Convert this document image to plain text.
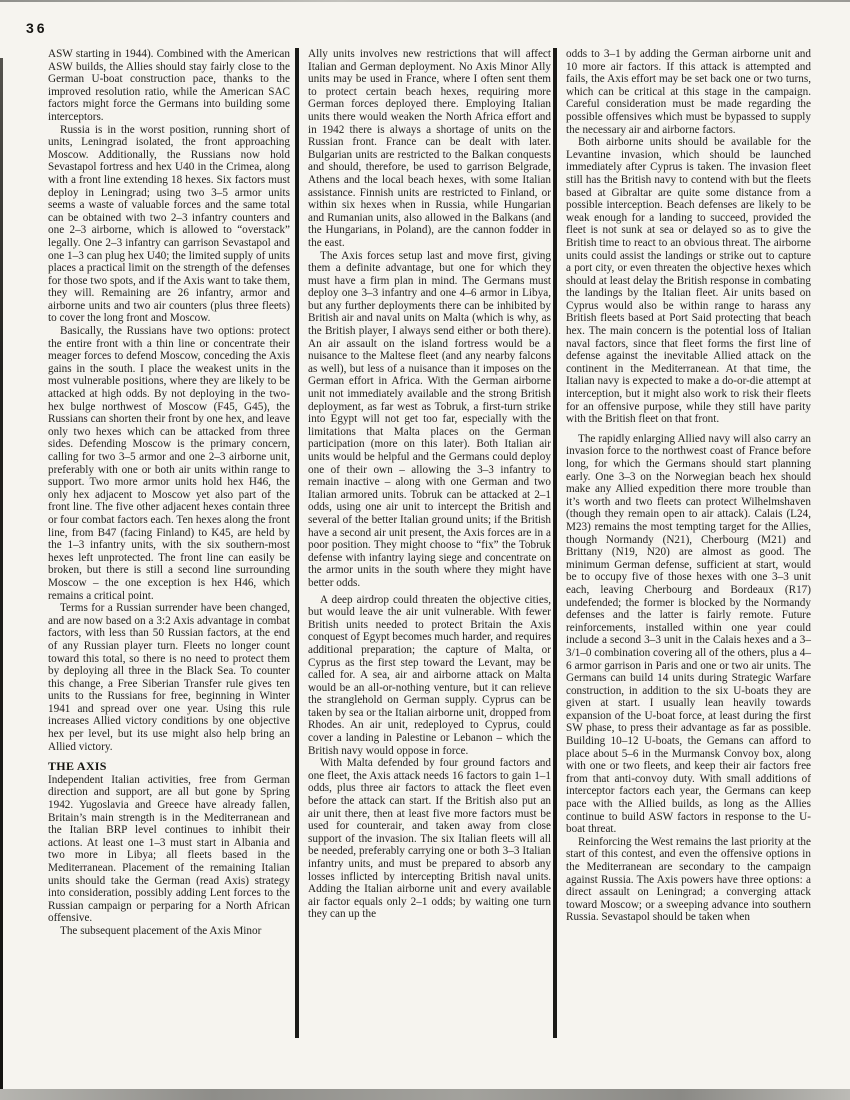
36

ASW starting in 1944). Combined with the American ASW builds, the Allies should stay fairly close to the German U-boat construction pace, thanks to the improved resolution ratio, while the American SAC factors might force the Germans into building some interceptors.

Russia is in the worst position, running short of units, Leningrad isolated, the front approaching Moscow. Additionally, the Russians now hold Sevastapol fortress and hex U40 in the Crimea, along with a front line extending 18 hexes. Six factors must deploy in Leningrad; using two 3–5 armor units seems a waste of valuable forces and the same total can be obtained with two 2–3 infantry counters and one 2–3 airborne, which is allowed to “overstack” legally. One 2–3 infantry can garrison Sevastapol and one 1–3 can plug hex U40; the limited supply of units places a practical limit on the strength of the defenses for those two spots, and if the Axis want to take them, they will. Remaining are 26 infantry, armor and airborne units and two air counters (plus three fleets) to cover the long front and Moscow.

Basically, the Russians have two options: protect the entire front with a thin line or concentrate their meager forces to defend Moscow, conceding the Axis gains in the south. I place the weakest units in the most vulnerable positions, where they are likely to be attacked at high odds. By not deploying in the two-hex bulge northwest of Moscow (F45, G45), the Russians can shorten their front by one hex, and leave only two hexes which can be attacked from three sides. Defending Moscow is the primary concern, calling for two 3–5 armor and one 2–3 airborne unit, preferably with one or both air units within range to support. Two more armor units hold hex H46, the only hex adjacent to Moscow yet also part of the front line. The five other adjacent hexes contain three or four combat factors each. Ten hexes along the front line, from B47 (facing Finland) to K45, are held by the 1–3 infantry units, with the six southern-most hexes left unprotected. The front line can easily be broken, but there is still a second line surrounding Moscow – the one exception is hex H46, which remains a critical point.

Terms for a Russian surrender have been changed, and are now based on a 3:2 Axis advantage in combat factors, with less than 50 Russian factors, at the end of any Russian player turn. Fleets no longer count toward this total, so there is no need to protect them by deploying all three in the Black Sea. To counter this change, a Free Siberian Transfer rule gives ten units to the Russians for free, beginning in Winter 1941 and spread over one year. Using this rule increases Allied victory conditions by one objective hex per level, but its use might also help bring an Allied victory.

THE AXIS

Independent Italian activities, free from German direction and support, are all but gone by Spring 1942. Yugoslavia and Greece have already fallen, Britain’s main strength is in the Mediterranean and the Italian BRP level continues to inhibit their actions. At least one 1–3 must start in Albania and two more in Libya; all fleets based in the Mediterranean. Placement of the remaining Italian units should take the German (read Axis) strategy into consideration, possibly adding Lent forces to the Russian campaign or perparing for a North African offensive.

The subsequent placement of the Axis Minor

Ally units involves new restrictions that will affect Italian and German deployment. No Axis Minor Ally units may be used in France, where I often sent them to protect certain beach hexes, requiring more German forces deployed there. Employing Italian units there would weaken the North Africa effort and in 1942 there is always a shortage of units on the Russian front. France can be dealt with later. Bulgarian units are restricted to the Balkan conquests and should, therefore, be used to garrison Belgrade, Athens and the local beach hexes, with some Italian assistance. Finnish units are restricted to Finland, or within six hexes when in Russia, while Hungarian and Rumanian units, also allowed in the Balkans (and the Hungarians, in Poland), are the cannon fodder in the east.

The Axis forces setup last and move first, giving them a definite advantage, but one for which they must have a firm plan in mind. The Germans must deploy one 3–3 infantry and one 4–6 armor in Libya, but any further deployments there can be inhibited by British air and naval units on Malta (which is why, as the British player, I always send either or both there). An air assault on the island fortress would be a nuisance to the Maltese fleet (and any nearby falcons as well), but less of a nuisance than it imposes on the German effort in Africa. With the German airborne unit not immediately available and the strong British deployment, as far west as Tobruk, a first-turn strike into Egypt will not get too far, especially with the limitations that Malta places on the German participation (more on this later). Both Italian air units would be helpful and the Germans could deploy one of their own – allowing the 3–3 infantry to remain inactive – along with one German and two Italian armored units. Tobruk can be attacked at 2–1 odds, using one air unit to intercept the British and several of the better Italian ground units; if the British have a second air unit present, the Axis forces are in a poor position. They might choose to “fix” the Tobruk defense with infantry laying siege and concentrate on the armor units in the south where they might have better odds.

A deep airdrop could threaten the objective cities, but would leave the air unit vulnerable. With fewer British units needed to protect Britain the Axis conquest of Egypt becomes much harder, and requires additional preparation; the capture of Malta, or Cyprus as the first step toward the Levant, may be called for. A sea, air and airborne attack on Malta would be an all-or-nothing venture, but it can relieve the stranglehold on German supply. Cyprus can be taken by sea or the Italian airborne unit, dropped from Rhodes. An air unit, redeployed to Cyprus, could cover a landing in Palestine or Lebanon – which the British navy would oppose in force.

With Malta defended by four ground factors and one fleet, the Axis attack needs 16 factors to gain 1–1 odds, plus three air factors to attack the fleet even before the attack can start. If the British also put an air unit there, then at least five more factors must be used for counterair, and taken away from close support of the invasion. The six Italian fleets will all be needed, preferably carrying one or both 3–3 Italian infantry units, and must be prepared to absorb any losses inflicted by intercepting British naval units. Adding the Italian airborne unit and every available air factor equals only 2–1 odds; by waiting one turn they can up the

odds to 3–1 by adding the German airborne unit and 10 more air factors. If this attack is attempted and fails, the Axis effort may be set back one or two turns, which can be critical at this stage in the campaign. Careful consideration must be made regarding the possible offensives which must be bypassed to supply the necessary air and airborne factors.

Both airborne units should be available for the Levantine invasion, which should be launched immediately after Cyprus is taken. The invasion fleet still has the British navy to contend with but the fleets based at Gibraltar are quite some distance from a possible interception. Beach defenses are likely to be weak enough for a landing to succeed, provided the fleet is not sunk at sea or delayed so as to give the British time to react to an obvious threat. The airborne units could assist the landings or strike out to capture a port city, or even threaten the objective hexes which should at least delay the British response in combating the landings by the Italian fleet. Air units based on Cyprus would also be within range to harass any British fleets based at Port Said protecting that beach hex. The main concern is the potential loss of Italian naval factors, since that fleet forms the first line of defense against the inevitable Allied attack on the continent in the Mediterranean. At that time, the Italian navy is expected to make a do-or-die attempt at interception, but it might also work to risk their fleets for an offensive purpose, while they still have parity with the British fleet on that front.

The rapidly enlarging Allied navy will also carry an invasion force to the northwest coast of France before long, for which the Germans should start planning early. One 3–3 on the Norwegian beach hex should make any Allied expedition there more trouble than it’s worth and two fleets can protect Wilhelmshaven (though they remain open to air attack). Calais (L24, M23) remains the most tempting target for the Allies, though Normandy (N21), Cherbourg (M21) and Brittany (N19, N20) are almost as good. The minimum German defense, sufficient at start, would be to occupy five of those hexes with one 3–3 unit each, leaving Cherbourg and Bordeaux (R17) undefended; the former is blocked by the Normandy defenses and the latter is fairly remote. Future reinforcements, installed within one year could include a second 3–3 unit in the Calais hexes and a 3–3/1–0 combination covering all of the others, plus a 4–6 armor garrison in Paris and one or two air units. The Germans can build 14 units during Strategic Warfare construction, in addition to the six U-boats they are given at start. I usually lean heavily towards expansion of the U-boat force, at least during the first SW phase, to press their advantage as far as possible. Building 10–12 U-boats, the Gemans can afford to place about 5–6 in the Murmansk Convoy box, along with one or two fleets, and keep their air factors free from that anti-convoy duty. With small additions of interceptor factors each year, the Germans can keep pace with the Allied builds, as long as the Allies continue to build ASW factors in response to the U-boat threat.

Reinforcing the West remains the last priority at the start of this contest, and even the offensive options in the Mediterranean are secondary to the campaign against Russia. The Axis powers have three options: a direct assault on Leningrad; a converging attack toward Moscow; or a sweeping advance into southern Russia. Sevastapol should be taken when
